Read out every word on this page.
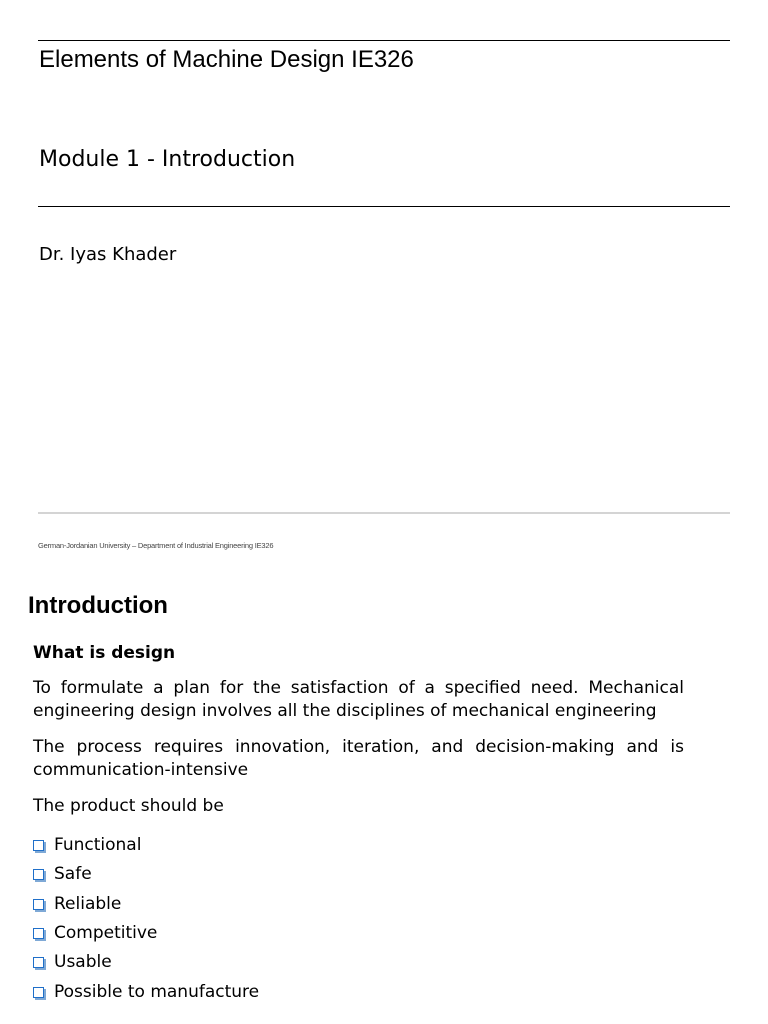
Elements of Machine Design IE326
Module 1 - Introduction
Dr. Iyas Khader
German-Jordanian University – Department of Industrial Engineering IE326
Introduction

What is design

To formulate a plan for the satisfaction of a specified need. Mechanical engineering design involves all the disciplines of mechanical engineering

The process requires innovation, iteration, and decision-making and is communication-intensive

The product should be

Functional
Safe
Reliable
Competitive
Usable
Possible to manufacture
